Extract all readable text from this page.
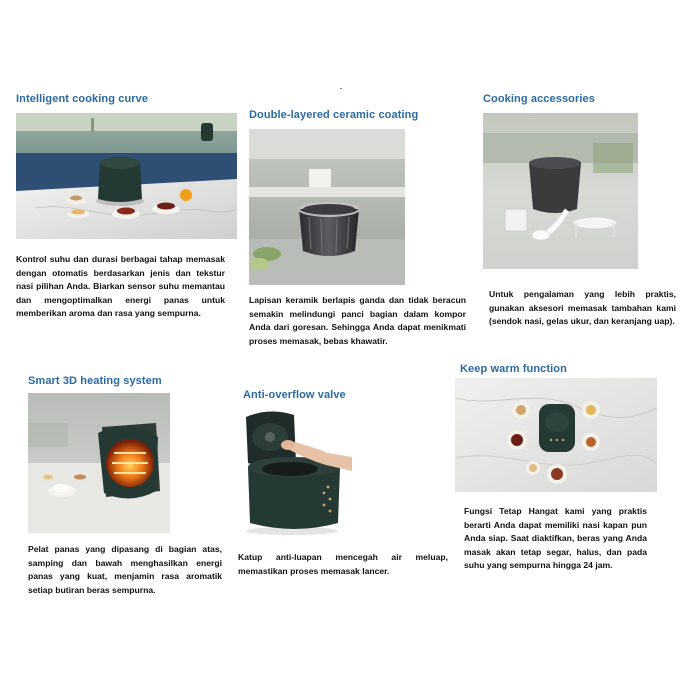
Intelligent cooking curve
Kontrol suhu dan durasi berbagai tahap memasak dengan otomatis berdasarkan jenis dan tekstur nasi pilihan Anda. Biarkan sensor suhu memantau dan mengoptimalkan energi panas untuk memberikan aroma dan rasa yang sempurna.
Double-layered ceramic coating
Lapisan keramik berlapis ganda dan tidak beracun semakin melindungi panci bagian dalam kompor Anda dari goresan. Sehingga Anda dapat menikmati proses memasak, bebas khawatir.
Cooking accessories
Untuk pengalaman yang lebih praktis, gunakan aksesori memasak tambahan kami (sendok nasi, gelas ukur, dan keranjang uap).
Smart 3D heating system
Pelat panas yang dipasang di bagian atas, samping dan bawah menghasilkan energi panas yang kuat, menjamin rasa aromatik setiap butiran beras sempurna.
Anti-overflow valve
Katup anti-luapan mencegah air meluap, memastikan proses memasak lancer.
Keep warm function
Fungsi Tetap Hangat kami yang praktis berarti Anda dapat memiliki nasi kapan pun Anda siap. Saat diaktifkan, beras yang Anda masak akan tetap segar, halus, dan pada suhu yang sempurna hingga 24 jam.
